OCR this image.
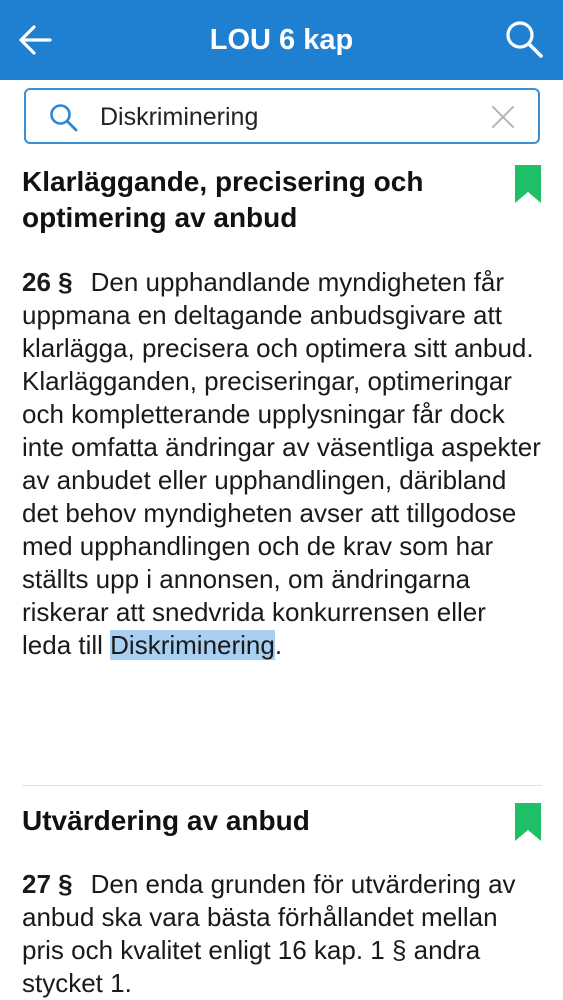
LOU 6 kap
Diskriminering
Klarläggande, precisering och optimering av anbud
26 § Den upphandlande myndigheten får uppmana en deltagande anbudsgivare att klarlägga, precisera och optimera sitt anbud. Klarlägganden, preciseringar, optimeringar och kompletterande upplysningar får dock inte omfatta ändringar av väsentliga aspekter av anbudet eller upphandlingen, däribland det behov myndigheten avser att tillgodose med upphandlingen och de krav som har ställts upp i annonsen, om ändringarna riskerar att snedvrida konkurrensen eller leda till Diskriminering.
Utvärdering av anbud
27 § Den enda grunden för utvärdering av anbud ska vara bästa förhållandet mellan pris och kvalitet enligt 16 kap. 1 § andra stycket 1.
